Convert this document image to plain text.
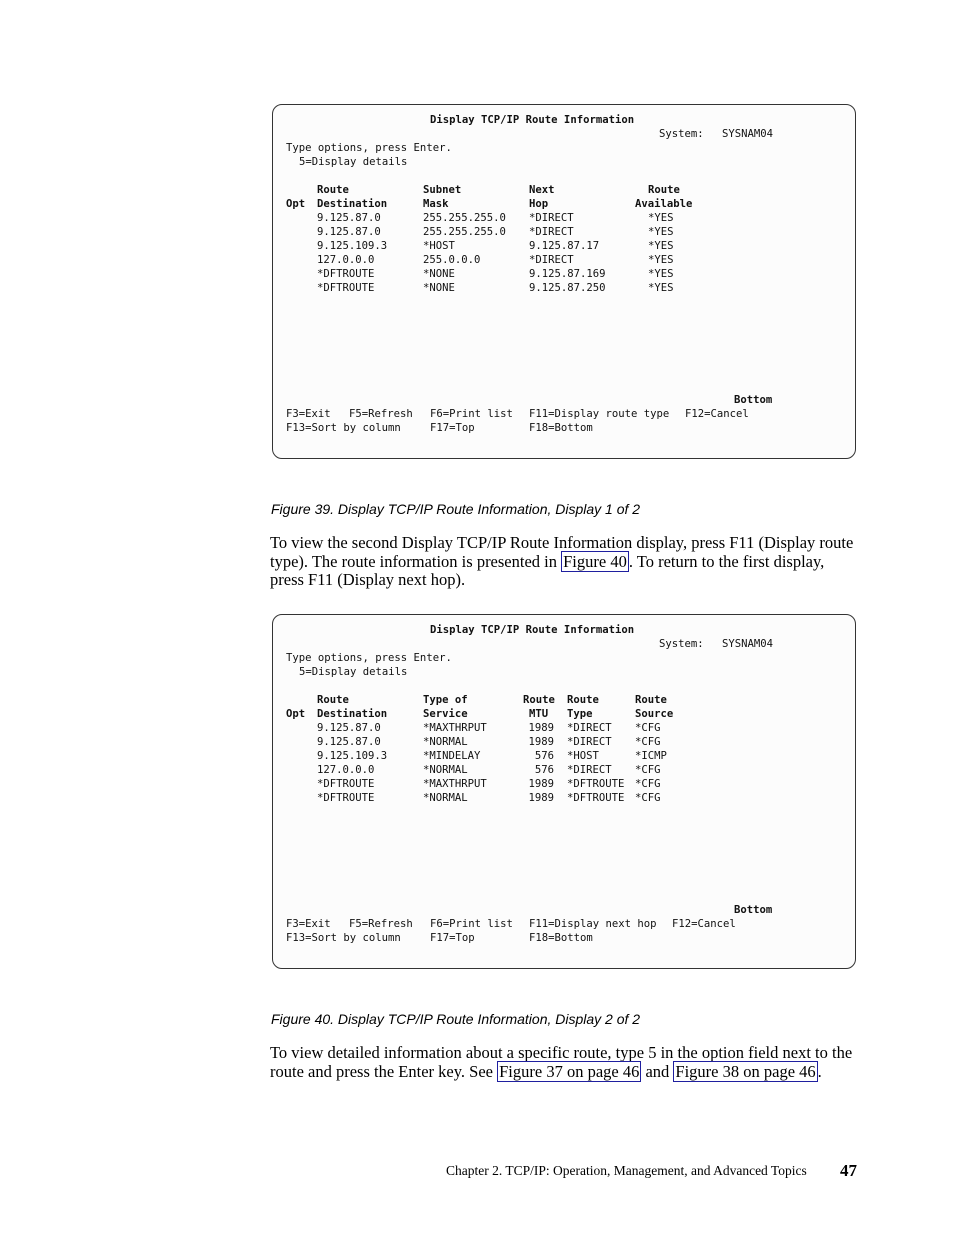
Display TCP/IP Route Information
System: SYSNAM04
Type options, press Enter.
5=Display details
Route	Subnet	Next	Route
Opt Destination	Mask	Hop	Available
9.125.87.0	255.255.255.0 *DIRECT	*YES
9.125.87.0	255.255.255.0 *DIRECT	*YES
9.125.109.3	*HOST	9.125.87.17	*YES
127.0.0.0	255.0.0.0	*DIRECT	*YES
*DFTROUTE	*NONE	9.125.87.169	*YES
*DFTROUTE	*NONE	9.125.87.250	*YES
Bottom
F3=Exit F5=Refresh F6=Print list F11=Display route type F12=Cancel
F13=Sort by column	F17=Top	F18=Bottom
Figure 39. Display TCP/IP Route Information, Display 1 of 2

To view the second Display TCP/IP Route Information display, press F11 (Display route type). The route information is presented in Figure 40 . To return to the first display, press F11 (Display next hop).

Display TCP/IP Route Information
System: SYSNAM04
Type options, press Enter.
5=Display details
Route	Type of	Route Route	Route
Opt Destination	Service	MTU Type	Source
9.125.87.0	*MAXTHRPUT	1989 *DIRECT *CFG
9.125.87.0	*NORMAL	1989 *DIRECT *CFG
9.125.109.3	*MINDELAY	576 *HOST	*ICMP
127.0.0.0	*NORMAL	576 *DIRECT *CFG
*DFTROUTE	*MAXTHRPUT	1989 *DFTROUTE *CFG
*DFTROUTE	*NORMAL	1989 *DFTROUTE *CFG
Bottom
F3=Exit F5=Refresh F6=Print list F11=Display next hop F12=Cancel
F13=Sort by column	F17=Top	F18=Bottom
Figure 40. Display TCP/IP Route Information, Display 2 of 2

To view detailed information about a specific route, type 5 in the option field next to the route and press the Enter key. See Figure 37 on page 46 and Figure 38 on page 46 .

Chapter 2. TCP/IP: Operation, Management, and Advanced Topics 47
